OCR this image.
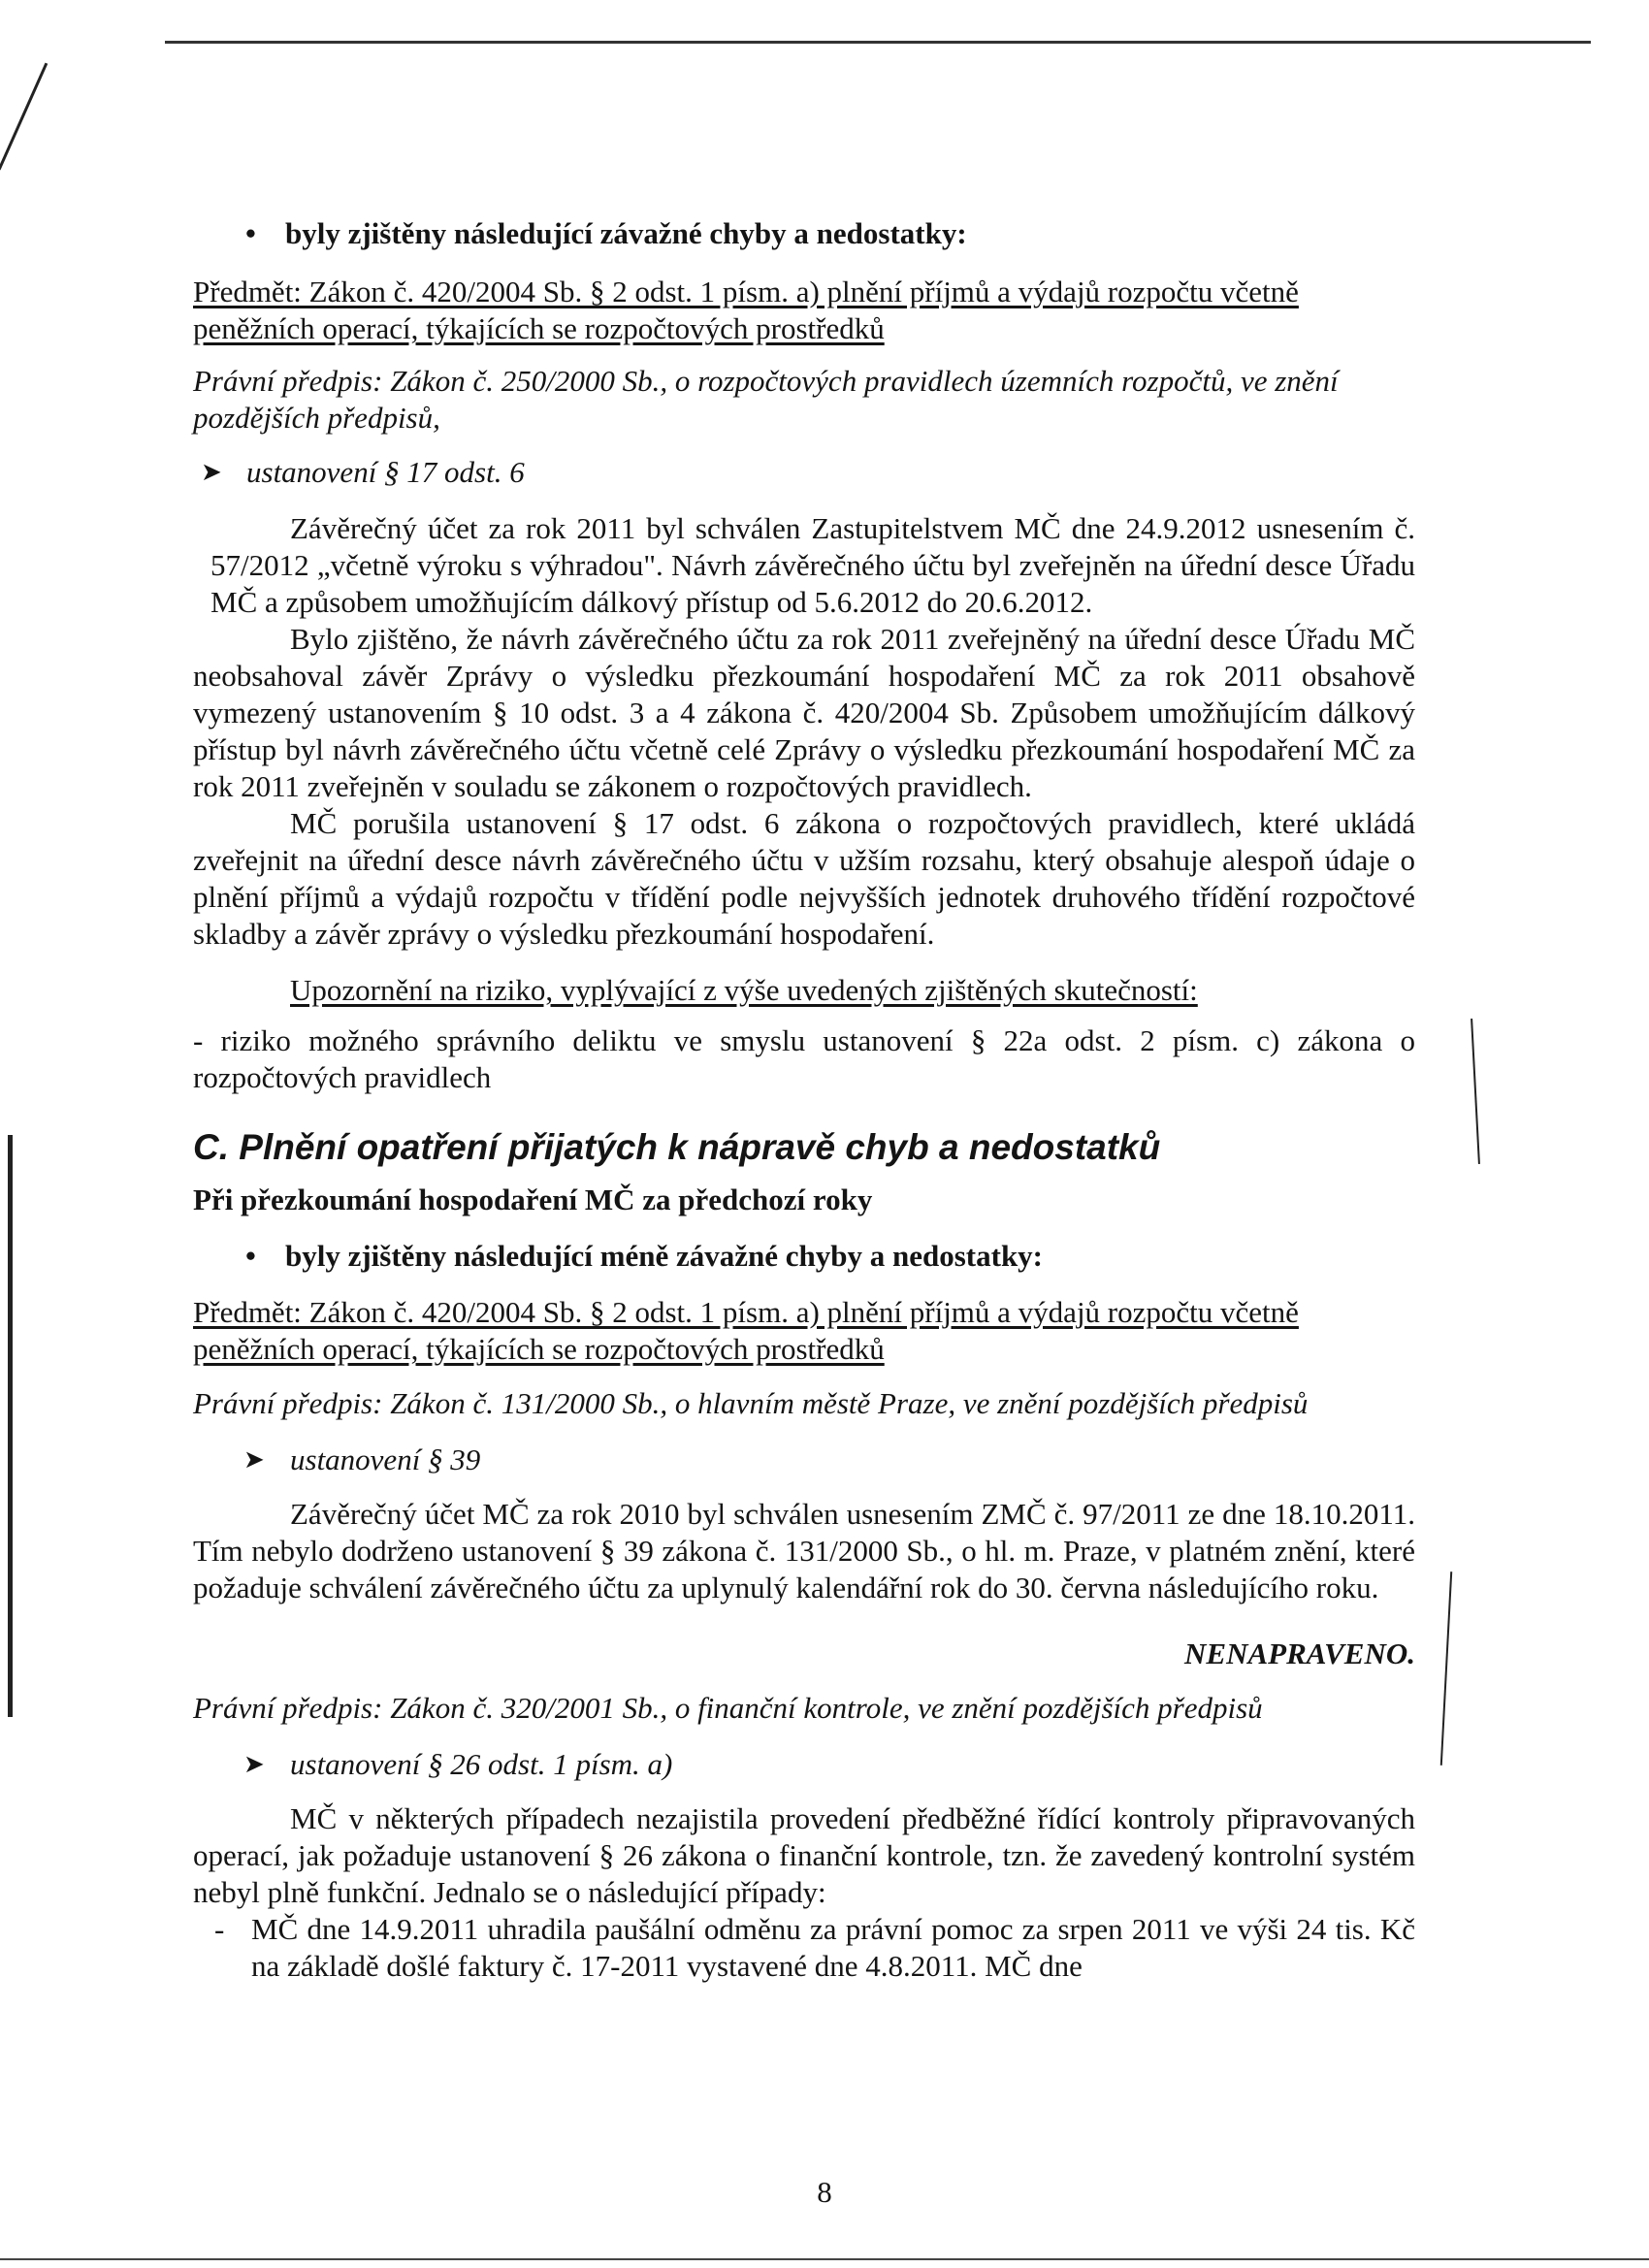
• byly zjištěny následující závažné chyby a nedostatky:

Předmět: Zákon č. 420/2004 Sb. § 2 odst. 1 písm. a) plnění příjmů a výdajů rozpočtu včetně peněžních operací, týkajících se rozpočtových prostředků

Právní předpis: Zákon č. 250/2000 Sb., o rozpočtových pravidlech územních rozpočtů, ve znění pozdějších předpisů,

➤ ustanovení § 17 odst. 6

Závěrečný účet za rok 2011 byl schválen Zastupitelstvem MČ dne 24.9.2012 usnesením č. 57/2012 „včetně výroku s výhradou". Návrh závěrečného účtu byl zveřejněn na úřední desce Úřadu MČ a způsobem umožňujícím dálkový přístup od 5.6.2012 do 20.6.2012.

Bylo zjištěno, že návrh závěrečného účtu za rok 2011 zveřejněný na úřední desce Úřadu MČ neobsahoval závěr Zprávy o výsledku přezkoumání hospodaření MČ za rok 2011 obsahově vymezený ustanovením § 10 odst. 3 a 4 zákona č. 420/2004 Sb. Způsobem umožňujícím dálkový přístup byl návrh závěrečného účtu včetně celé Zprávy o výsledku přezkoumání hospodaření MČ za rok 2011 zveřejněn v souladu se zákonem o rozpočtových pravidlech.

MČ porušila ustanovení § 17 odst. 6 zákona o rozpočtových pravidlech, které ukládá zveřejnit na úřední desce návrh závěrečného účtu v užším rozsahu, který obsahuje alespoň údaje o plnění příjmů a výdajů rozpočtu v třídění podle nejvyšších jednotek druhového třídění rozpočtové skladby a závěr zprávy o výsledku přezkoumání hospodaření.

Upozornění na riziko, vyplývající z výše uvedených zjištěných skutečností:

- riziko možného správního deliktu ve smyslu ustanovení § 22a odst. 2 písm. c) zákona o rozpočtových pravidlech

C. Plnění opatření přijatých k nápravě chyb a nedostatků

Při přezkoumání hospodaření MČ za předchozí roky

• byly zjištěny následující méně závažné chyby a nedostatky:

Předmět: Zákon č. 420/2004 Sb. § 2 odst. 1 písm. a) plnění příjmů a výdajů rozpočtu včetně peněžních operací, týkajících se rozpočtových prostředků

Právní předpis: Zákon č. 131/2000 Sb., o hlavním městě Praze, ve znění pozdějších předpisů

➤ ustanovení § 39

Závěrečný účet MČ za rok 2010 byl schválen usnesením ZMČ č. 97/2011 ze dne 18.10.2011. Tím nebylo dodrženo ustanovení § 39 zákona č. 131/2000 Sb., o hl. m. Praze, v platném znění, které požaduje schválení závěrečného účtu za uplynulý kalendářní rok do 30. června následujícího roku.

NENAPRAVENO.

Právní předpis: Zákon č. 320/2001 Sb., o finanční kontrole, ve znění pozdějších předpisů

➤ ustanovení § 26 odst. 1 písm. a)

MČ v některých případech nezajistila provedení předběžné řídící kontroly připravovaných operací, jak požaduje ustanovení § 26 zákona o finanční kontrole, tzn. že zavedený kontrolní systém nebyl plně funkční. Jednalo se o následující případy:

- MČ dne 14.9.2011 uhradila paušální odměnu za právní pomoc za srpen 2011 ve výši 24 tis. Kč na základě došlé faktury č. 17-2011 vystavené dne 4.8.2011. MČ dne

8
